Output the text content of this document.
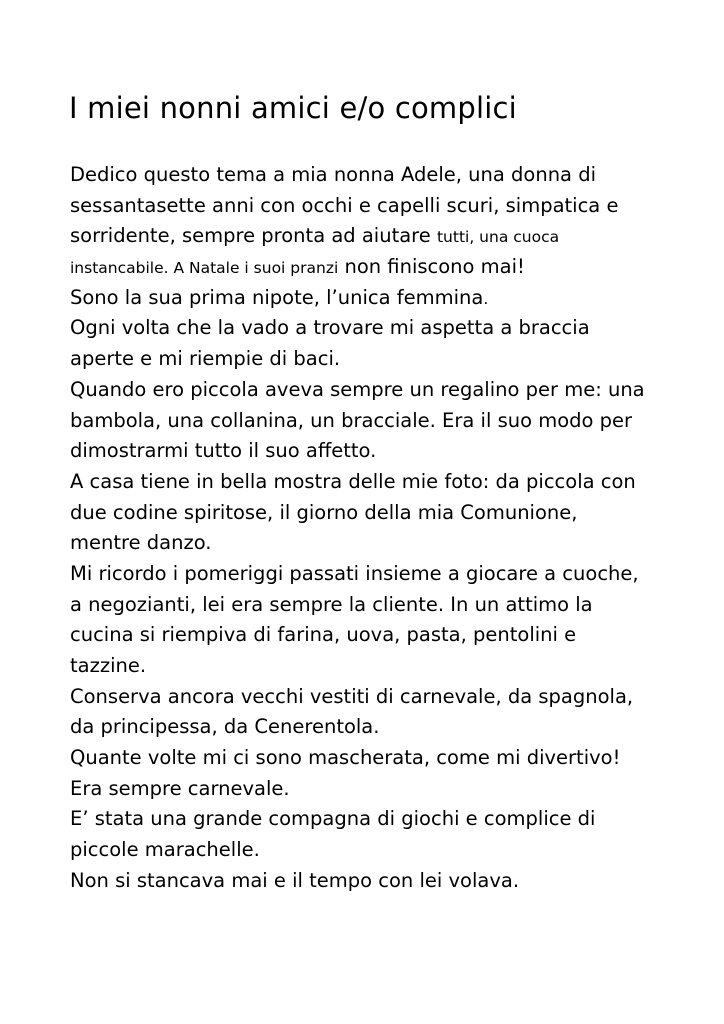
I miei nonni amici e/o complici
Dedico questo tema a mia nonna Adele, una donna di
sessantasette anni con occhi e capelli scuri, simpatica e
sorridente, sempre pronta ad aiutare tutti, una cuoca
instancabile. A Natale i suoi pranzi non finiscono mai!
Sono la sua prima nipote, l’unica femmina.
Ogni volta che la vado a trovare mi aspetta a braccia
aperte e mi riempie di baci.
Quando ero piccola aveva sempre un regalino per me: una
bambola, una collanina, un bracciale. Era il suo modo per
dimostrarmi tutto il suo affetto.
A casa tiene in bella mostra delle mie foto: da piccola con
due codine spiritose, il giorno della mia Comunione,
mentre danzo.
Mi ricordo i pomeriggi passati insieme a giocare a cuoche,
a negozianti, lei era sempre la cliente. In un attimo la
cucina si riempiva di farina, uova, pasta, pentolini e
tazzine.
Conserva ancora vecchi vestiti di carnevale, da spagnola,
da principessa, da Cenerentola.
Quante volte mi ci sono mascherata, come mi divertivo!
Era sempre carnevale.
E’ stata una grande compagna di giochi e complice di
piccole marachelle.
Non si stancava mai e il tempo con lei volava.
